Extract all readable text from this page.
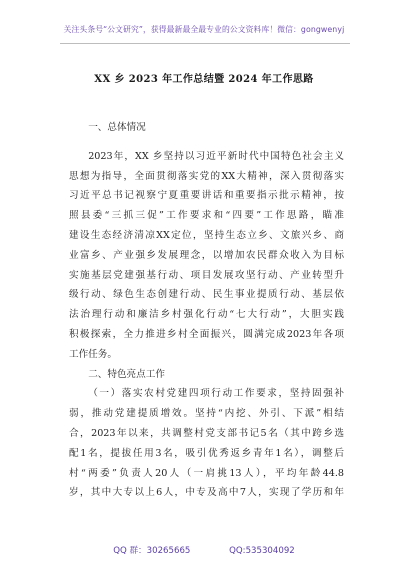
关注头条号“公文研究”，获得最新最全最专业的公文资料库！微信：gongwenyj
XX 乡 2023 年工作总结暨 2024 年工作思路
一、总体情况
2023年，XX 乡坚持以习近平新时代中国特色社会主义
思想为指导，全面贯彻落实党的XX大精神，深入贯彻落实
习近平总书记视察宁夏重要讲话和重要指示批示精神，按
照县委“三抓三促”工作要求和“四要”工作思路，瞄准
建设生态经济清凉XX定位，坚持生态立乡、文旅兴乡、商
业富乡、产业强乡发展理念，以增加农民群众收入为目标
实施基层党建强基行动、项目发展攻坚行动、产业转型升
级行动、绿色生态创建行动、民生事业提质行动、基层依
法治理行动和廉洁乡村强化行动“七大行动”，大胆实践
积极探索，全力推进乡村全面振兴，圆满完成2023年各项
工作任务。
二、特色亮点工作
（一）落实农村党建四项行动工作要求，坚持固强补
弱，推动党建提质增效。坚持“内挖、外引、下派”相结
合，2023年以来，共调整村党支部书记5名（其中跨乡选
配1名，提拔任用3名，吸引优秀返乡青年1名），调整后
村“两委”负责人20人（一肩挑13人），平均年龄44.8
岁，其中大专以上6人，中专及高中7人，实现了学历和年
QQ 群：30265665	QQ:535304092
